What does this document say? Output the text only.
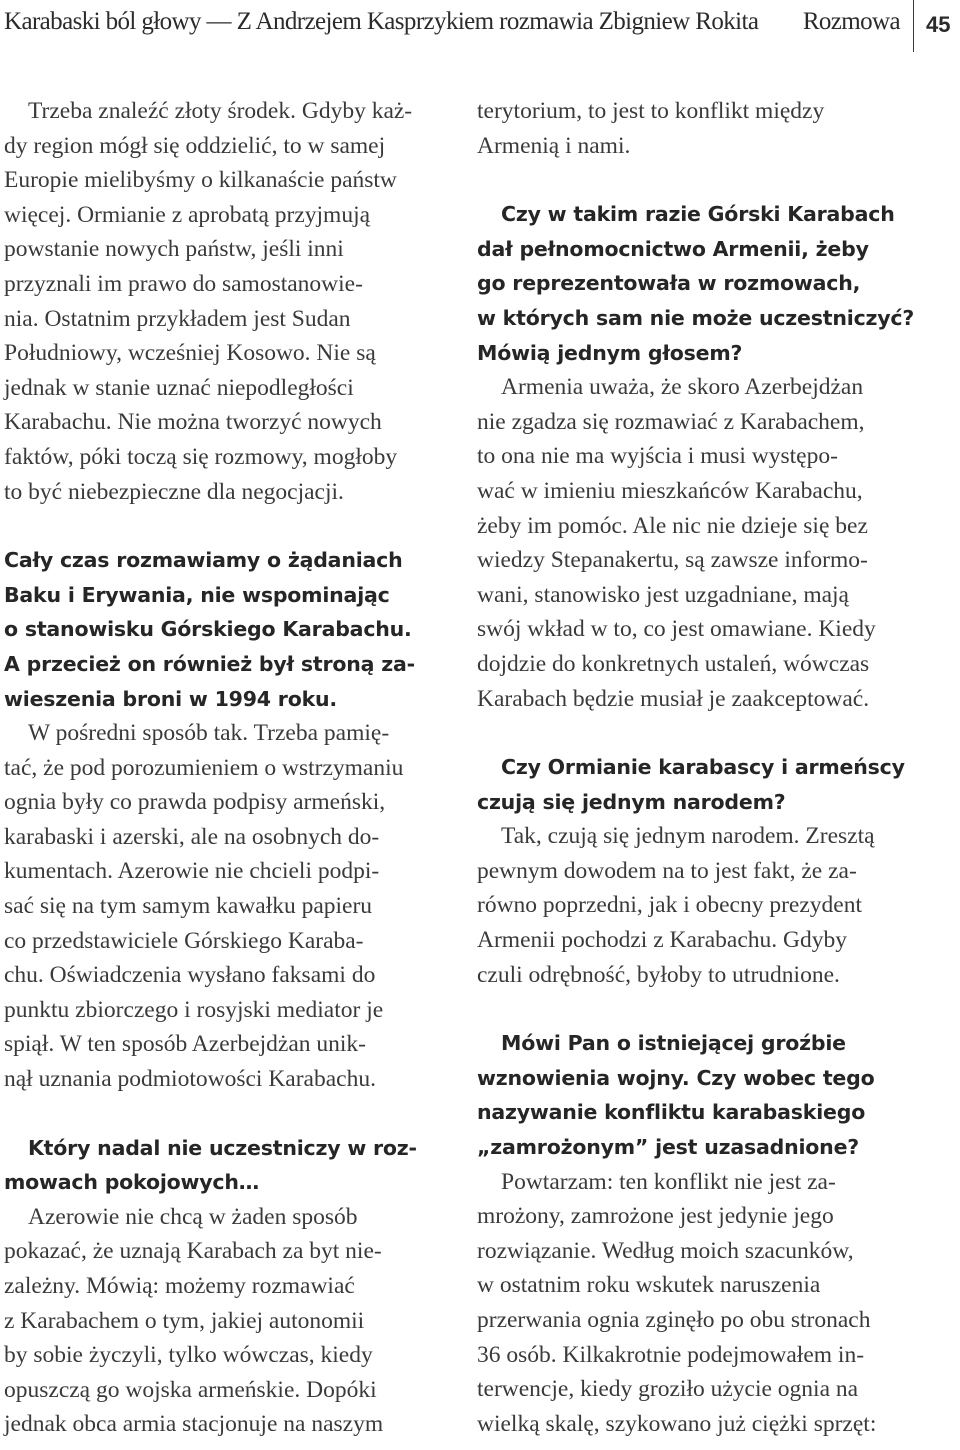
Karabaski ból głowy — Z Andrzejem Kasprzykiem rozmawia Zbigniew Rokita Rozmowa 45

Trzeba znaleźć złoty środek. Gdyby każ-
dy region mógł się oddzielić, to w samej
Europie mielibyśmy o kilkanaście państw
więcej. Ormianie z aprobatą przyjmują
powstanie nowych państw, jeśli inni
przyznali im prawo do samostanowie-
nia. Ostatnim przykładem jest Sudan
Południowy, wcześniej Kosowo. Nie są
jednak w stanie uznać niepodległości
Karabachu. Nie można tworzyć nowych
faktów, póki toczą się rozmowy, mogłoby
to być niebezpieczne dla negocjacji.

Cały czas rozmawiamy o żądaniach
Baku i Erywania, nie wspominając
o stanowisku Górskiego Karabachu.
A przecież on również był stroną za-
wieszenia broni w 1994 roku.

W pośredni sposób tak. Trzeba pamię-
tać, że pod porozumieniem o wstrzymaniu
ognia były co prawda podpisy armeński,
karabaski i azerski, ale na osobnych do-
kumentach. Azerowie nie chcieli podpi-
sać się na tym samym kawałku papieru
co przedstawiciele Górskiego Karaba-
chu. Oświadczenia wysłano faksami do
punktu zbiorczego i rosyjski mediator je
spiął. W ten sposób Azerbejdżan unik-
nął uznania podmiotowości Karabachu.

Który nadal nie uczestniczy w roz-
mowach pokojowych…

Azerowie nie chcą w żaden sposób
pokazać, że uznają Karabach za byt nie-
zależny. Mówią: możemy rozmawiać
z Karabachem o tym, jakiej autonomii
by sobie życzyli, tylko wówczas, kiedy
opuszczą go wojska armeńskie. Dopóki
jednak obca armia stacjonuje na naszym

terytorium, to jest to konflikt między
Armenią i nami.

Czy w takim razie Górski Karabach
dał pełnomocnictwo Armenii, żeby
go reprezentowała w rozmowach,
w których sam nie może uczestniczyć?
Mówią jednym głosem?

Armenia uważa, że skoro Azerbejdżan
nie zgadza się rozmawiać z Karabachem,
to ona nie ma wyjścia i musi występo-
wać w imieniu mieszkańców Karabachu,
żeby im pomóc. Ale nic nie dzieje się bez
wiedzy Stepanakertu, są zawsze informo-
wani, stanowisko jest uzgadniane, mają
swój wkład w to, co jest omawiane. Kiedy
dojdzie do konkretnych ustaleń, wówczas
Karabach będzie musiał je zaakceptować.

Czy Ormianie karabascy i armeńscy
czują się jednym narodem?

Tak, czują się jednym narodem. Zresztą
pewnym dowodem na to jest fakt, że za-
równo poprzedni, jak i obecny prezydent
Armenii pochodzi z Karabachu. Gdyby
czuli odrębność, byłoby to utrudnione.

Mówi Pan o istniejącej groźbie
wznowienia wojny. Czy wobec tego
nazywanie konfliktu karabaskiego
„zamrożonym” jest uzasadnione?

Powtarzam: ten konflikt nie jest za-
mrożony, zamrożone jest jedynie jego
rozwiązanie. Według moich szacunków,
w ostatnim roku wskutek naruszenia
przerwania ognia zginęło po obu stronach
36 osób. Kilkakrotnie podejmowałem in-
terwencje, kiedy groziło użycie ognia na
wielką skalę, szykowano już ciężki sprzęt:
